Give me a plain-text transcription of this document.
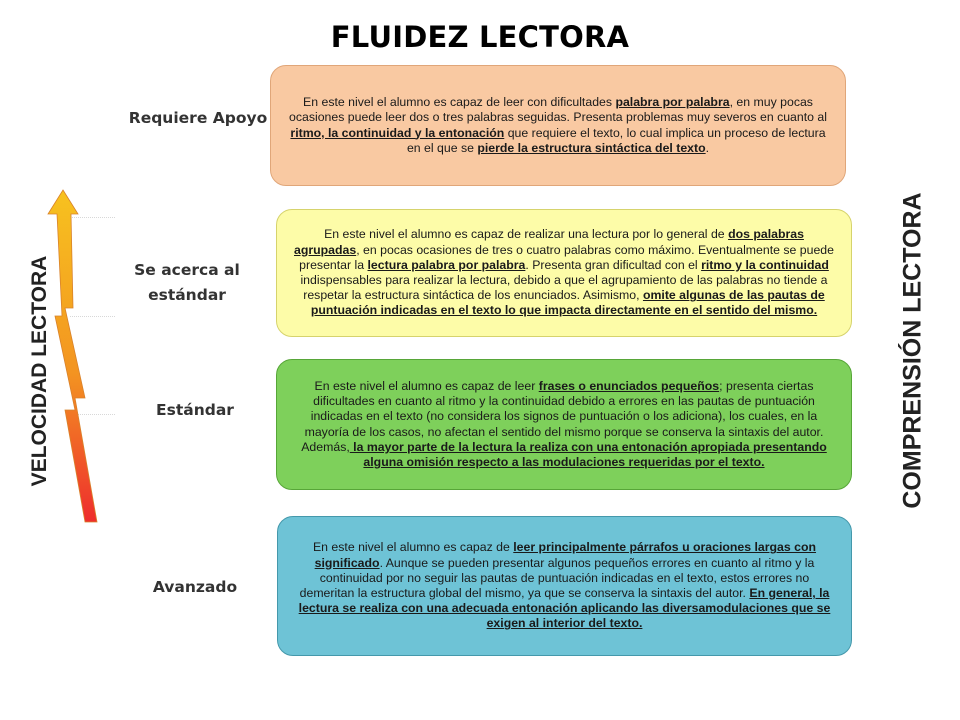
FLUIDEZ LECTORA
VELOCIDAD LECTORA	COMPRENSIÓN LECTORA
Requiere Apoyo
Se acerca al estándar
Estándar
Avanzado

En este nivel el alumno es capaz de leer con dificultades palabra por palabra, en muy pocas ocasiones puede leer dos o tres palabras seguidas. Presenta problemas muy severos en cuanto al ritmo, la continuidad y la entonación que requiere el texto, lo cual implica un proceso de lectura en el que se pierde la estructura sintáctica del texto.

En este nivel el alumno es capaz de realizar una lectura por lo general de dos palabras agrupadas, en pocas ocasiones de tres o cuatro palabras como máximo. Eventualmente se puede presentar la lectura palabra por palabra. Presenta gran dificultad con el ritmo y la continuidad indispensables para realizar la lectura, debido a que el agrupamiento de las palabras no tiende a respetar la estructura sintáctica de los enunciados. Asimismo, omite algunas de las pautas de puntuación indicadas en el texto lo que impacta directamente en el sentido del mismo.

En este nivel el alumno es capaz de leer frases o enunciados pequeños; presenta ciertas dificultades en cuanto al ritmo y la continuidad debido a errores en las pautas de puntuación indicadas en el texto (no considera los signos de puntuación o los adiciona), los cuales, en la mayoría de los casos, no afectan el sentido del mismo porque se conserva la sintaxis del autor. Además, la mayor parte de la lectura la realiza con una entonación apropiada presentando alguna omisión respecto a las modulaciones requeridas por el texto.

En este nivel el alumno es capaz de leer principalmente párrafos u oraciones largas con significado. Aunque se pueden presentar algunos pequeños errores en cuanto al ritmo y la continuidad por no seguir las pautas de puntuación indicadas en el texto, estos errores no demeritan la estructura global del mismo, ya que se conserva la sintaxis del autor. En general, la lectura se realiza con una adecuada entonación aplicando las diversamodulaciones que se exigen al interior del texto.
